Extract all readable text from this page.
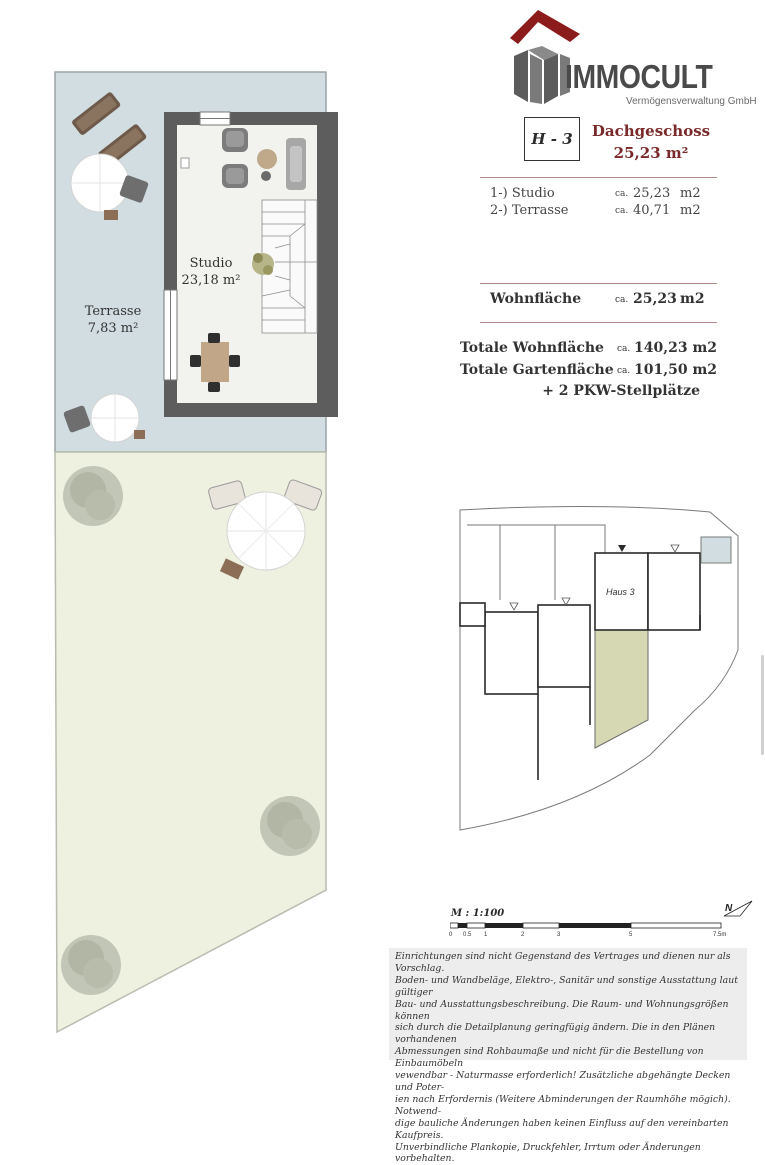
Studio
23,18 m²
Terrasse
7,83 m²
IMMOCULT
Vermögensverwaltung GmbH
H - 3 Dachgeschoss
25,23 m²
1-) Studio	ca. 25,23 m2
2-) Terrasse	ca. 40,71 m2
Wohnfläche	ca. 25,23 m2
Totale Wohnfläche ca. 140,23 m2
Totale Gartenfläche ca. 101,50 m2
+ 2 PKW-Stellplätze
Haus 3
M : 1:100
0 0.5 1	2	3	5	7.5m
N
Einrichtungen sind nicht Gegenstand des Vertrages und dienen nur als Vorschlag.
Boden- und Wandbeläge, Elektro-, Sanitär und sonstige Ausstattung laut gültiger
Bau- und Ausstattungsbeschreibung. Die Raum- und Wohnungsgrößen können
sich durch die Detailplanung geringfügig ändern. Die in den Plänen vorhandenen
Abmessungen sind Rohbaumaße und nicht für die Bestellung von Einbaumöbeln
vewendbar - Naturmasse erforderlich! Zusätzliche abgehängte Decken und Poter-
ien nach Erfordernis (Weitere Abminderungen der Raumhöhe mögich). Notwend-
dige bauliche Änderungen haben keinen Einfluss auf den vereinbarten Kaufpreis.
Unverbindliche Plankopie, Druckfehler, Irrtum oder Änderungen vorbehalten.
